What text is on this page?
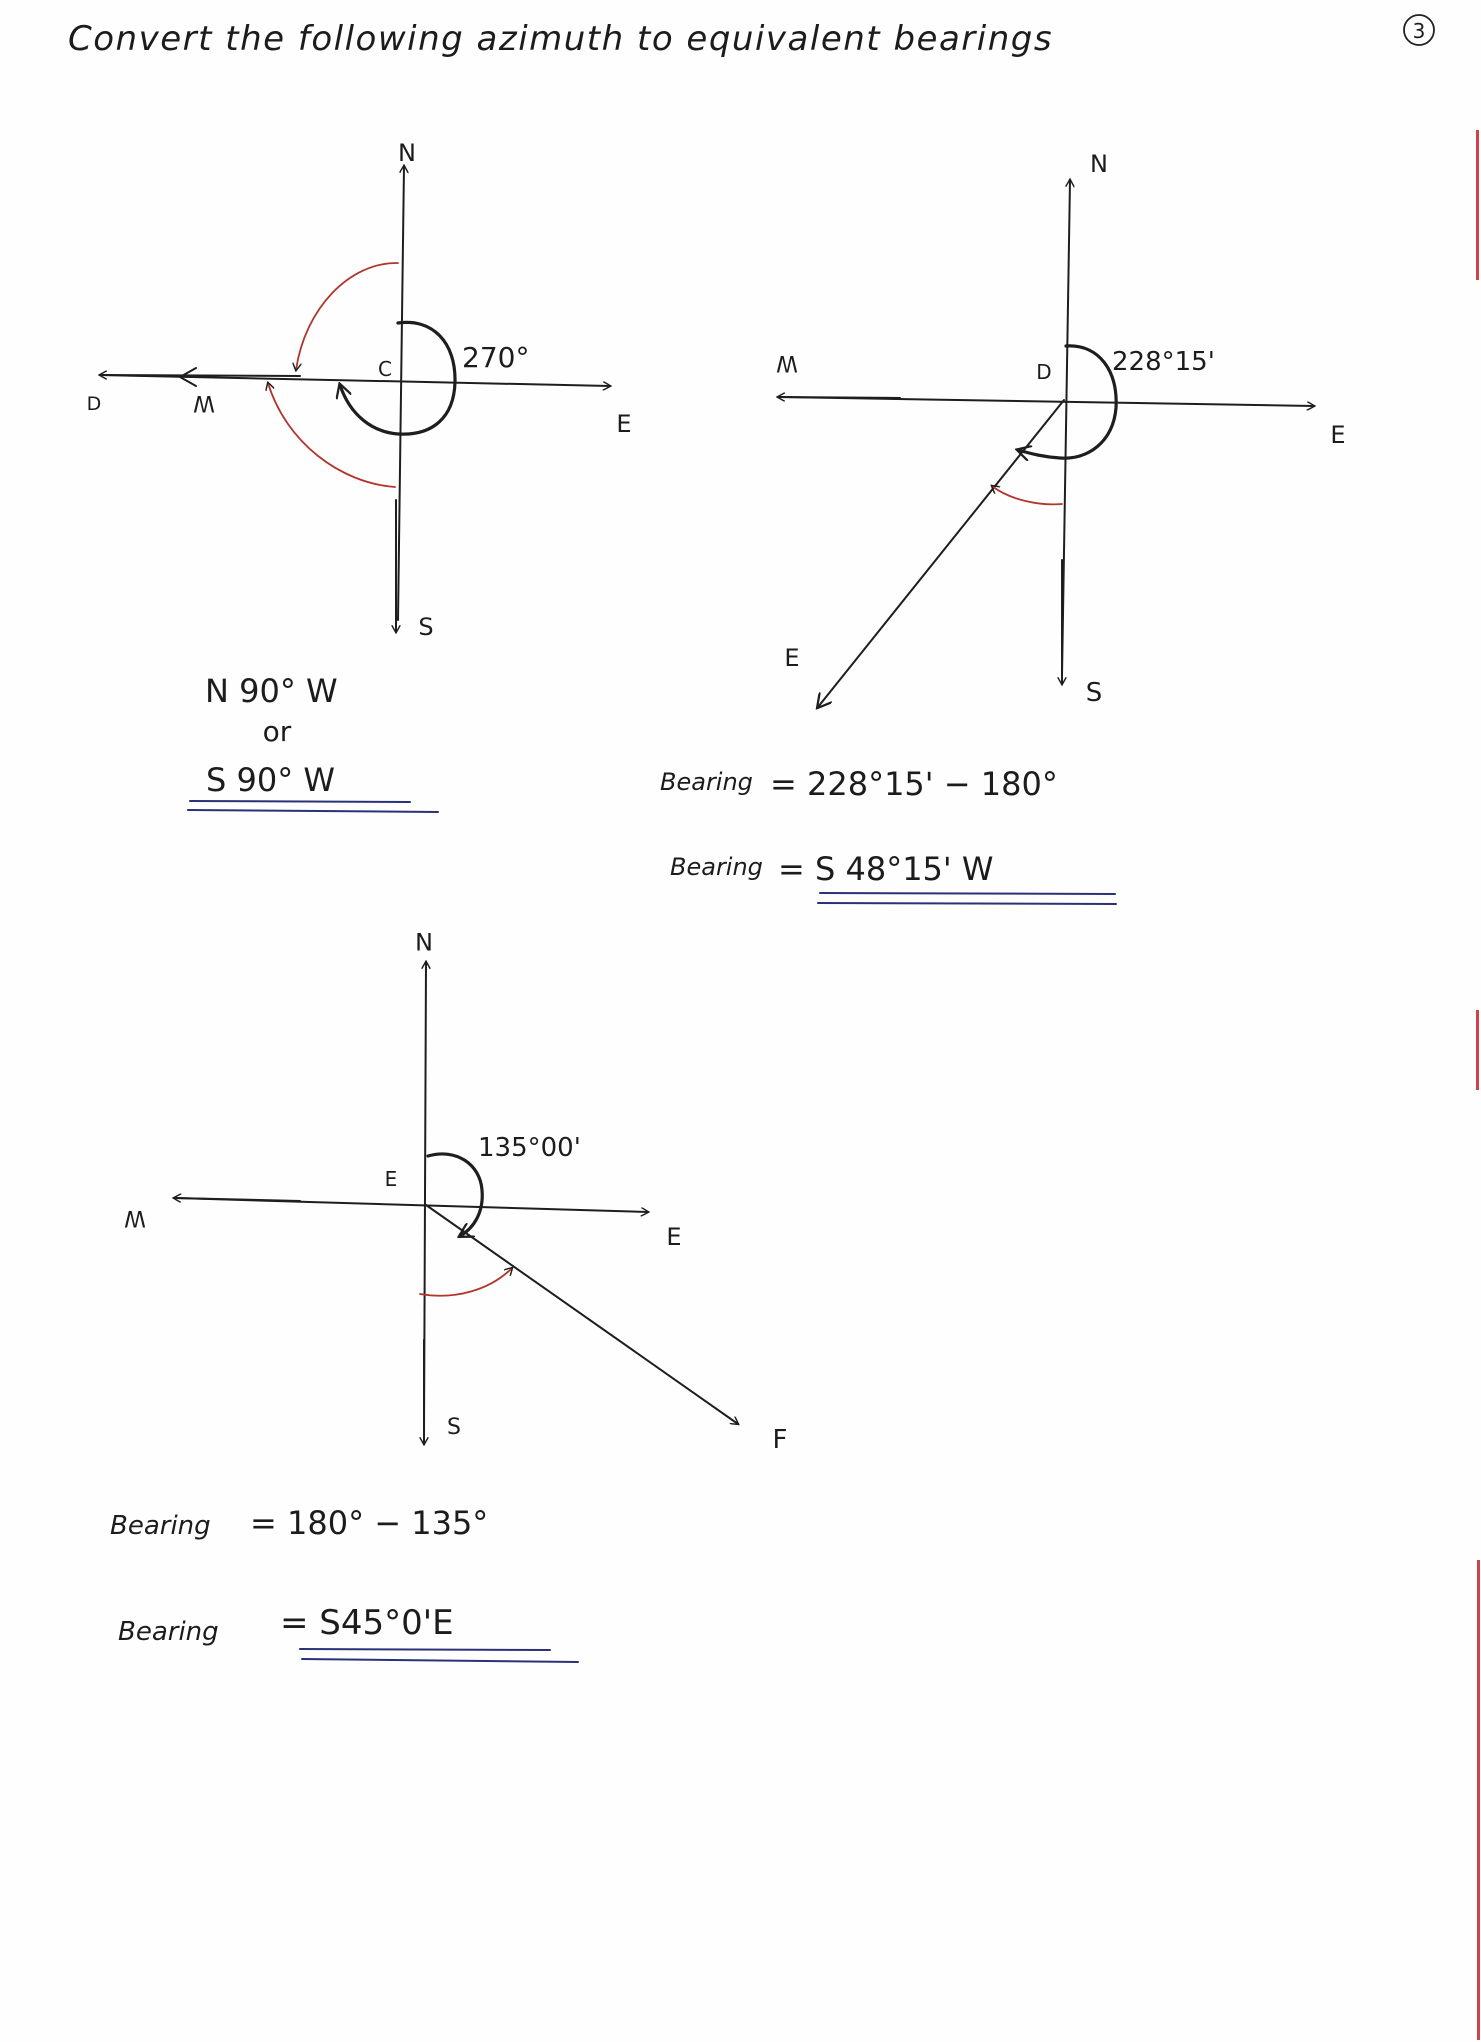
Convert the following azimuth to equivalent bearings	3
N
S
E
W
D
C	270°
N 90° W
or
S 90° W
N
S
E
W
E
D 228°15'
Bearing = 228°15' − 180°
Bearing = S 48°15' W
N
S
E
W
F
E
135°00'
Bearing = 180° − 135°
Bearing = S45°0'E
